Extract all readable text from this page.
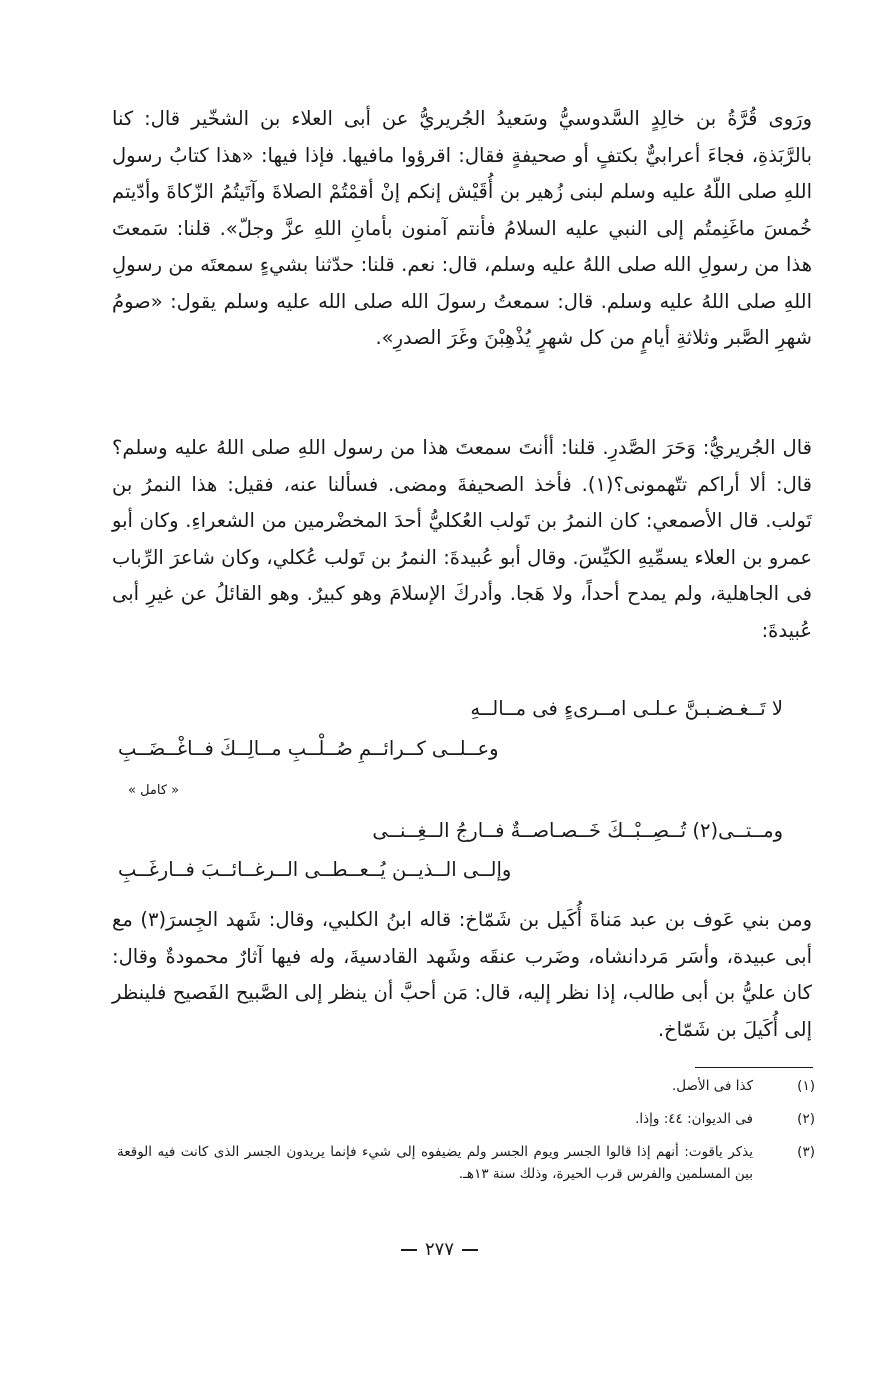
ورَوى قُرَّةُ بن خالِدٍ السَّدوسيُّ وسَعيدُ الجُريريُّ عن أبى العلاء بن الشخّير قال: كنا بالرَّبَذةِ، فجاءَ أعرابيٌّ بكتفٍ أو صحيفةٍ فقال: اقرؤوا مافيها. فإذا فيها: «هذا كتابُ رسول اللهِ صلى اللّهُ عليه وسلم لبنى زُهير بن أُقَيْش إنكم إنْ أقمْتُمْ الصلاةَ وآتَيتُمُ الزّكاةَ وأدّيتم خُمسَ ماغَنِمتُم إلى النبي عليه السلامُ فأنتم آمنون بأمانِ اللهِ عزَّ وجلّ». قلنا: سَمعتَ هذا من رسولِ الله صلى اللهُ عليه وسلم، قال: نعم. قلنا: حدّثنا بشيءٍ سمعتَه من رسولِ اللهِ صلى اللهُ عليه وسلم. قال: سمعتُ رسولَ الله صلى الله عليه وسلم يقول: «صومُ شهرِ الصَّبر وثلاثةِ أيامٍ من كل شهرٍ يُذْهِبْنَ وغَرَ الصدرِ».

قال الجُريريُّ: وَحَرَ الصَّدرِ. قلنا: أأنتَ سمعتَ هذا من رسول اللهِ صلى اللهُ عليه وسلم؟ قال: ألا أراكم تتّهمونى؟(١). فأخذ الصحيفةَ ومضى. فسألنا عنه، فقيل: هذا النمرُ بن تَولب. قال الأصمعي: كان النمرُ بن تَولب العُكليُّ أحدَ المخضْرمين من الشعراءِ. وكان أبو عمرو بن العلاء يسمِّيهِ الكيِّسَ. وقال أبو عُبيدةَ: النمرُ بن تَولب عُكلي، وكان شاعرَ الرِّباب فى الجاهلية، ولم يمدح أحداً، ولا هَجا. وأدركَ الإسلامَ وهو كبيرٌ. وهو القائلُ عن غيرِ أبى عُبيدةَ:

لا تَــغـضـبـنَّ عـلـى امــرىءٍ فى مــالــهِ

وعــلــى كــرائــمِ صُــلْــبِ مــالِــكَ فــاغْــضَــبِ

« كامل »

ومــتــى(٢) تُــصِــبْــكَ خَــصـاصــةٌ فــارجُ الــغِــنــى

وإلــى الــذيــن يُــعــطــى الــرغــائــبَ فــارغَــبِ

ومن بني عَوف بن عبد مَناةَ أُكَيل بن شَمّاخ: قاله ابنُ الكلبي، وقال: شَهد الجِسرَ(٣) مع أبى عبيدة، وأسَر مَردانشاه، وضَرب عنقَه وشَهد القادسيةَ، وله فيها آثارٌ محمودةٌ وقال: كان عليُّ بن أبى طالب، إذا نظر إليه، قال: مَن أحبَّ أن ينظر إلى الصَّبيح الفَصيح فلينظر إلى أُكَيلَ بن شَمّاخ.

(١)
كذا فى الأصل.
(٢)
فى الديوان: ٤٤: وإذا.
(٣)
يذكر ياقوت: أنهم إذا قالوا الجسر ويوم الجسر ولم يضيفوه إلى شيء فإنما يريدون الجسر الذى كانت فيه الوقعة بين المسلمين والفرس قرب الحيرة، وذلك سنة ١٣هـ.
٢٧٧
